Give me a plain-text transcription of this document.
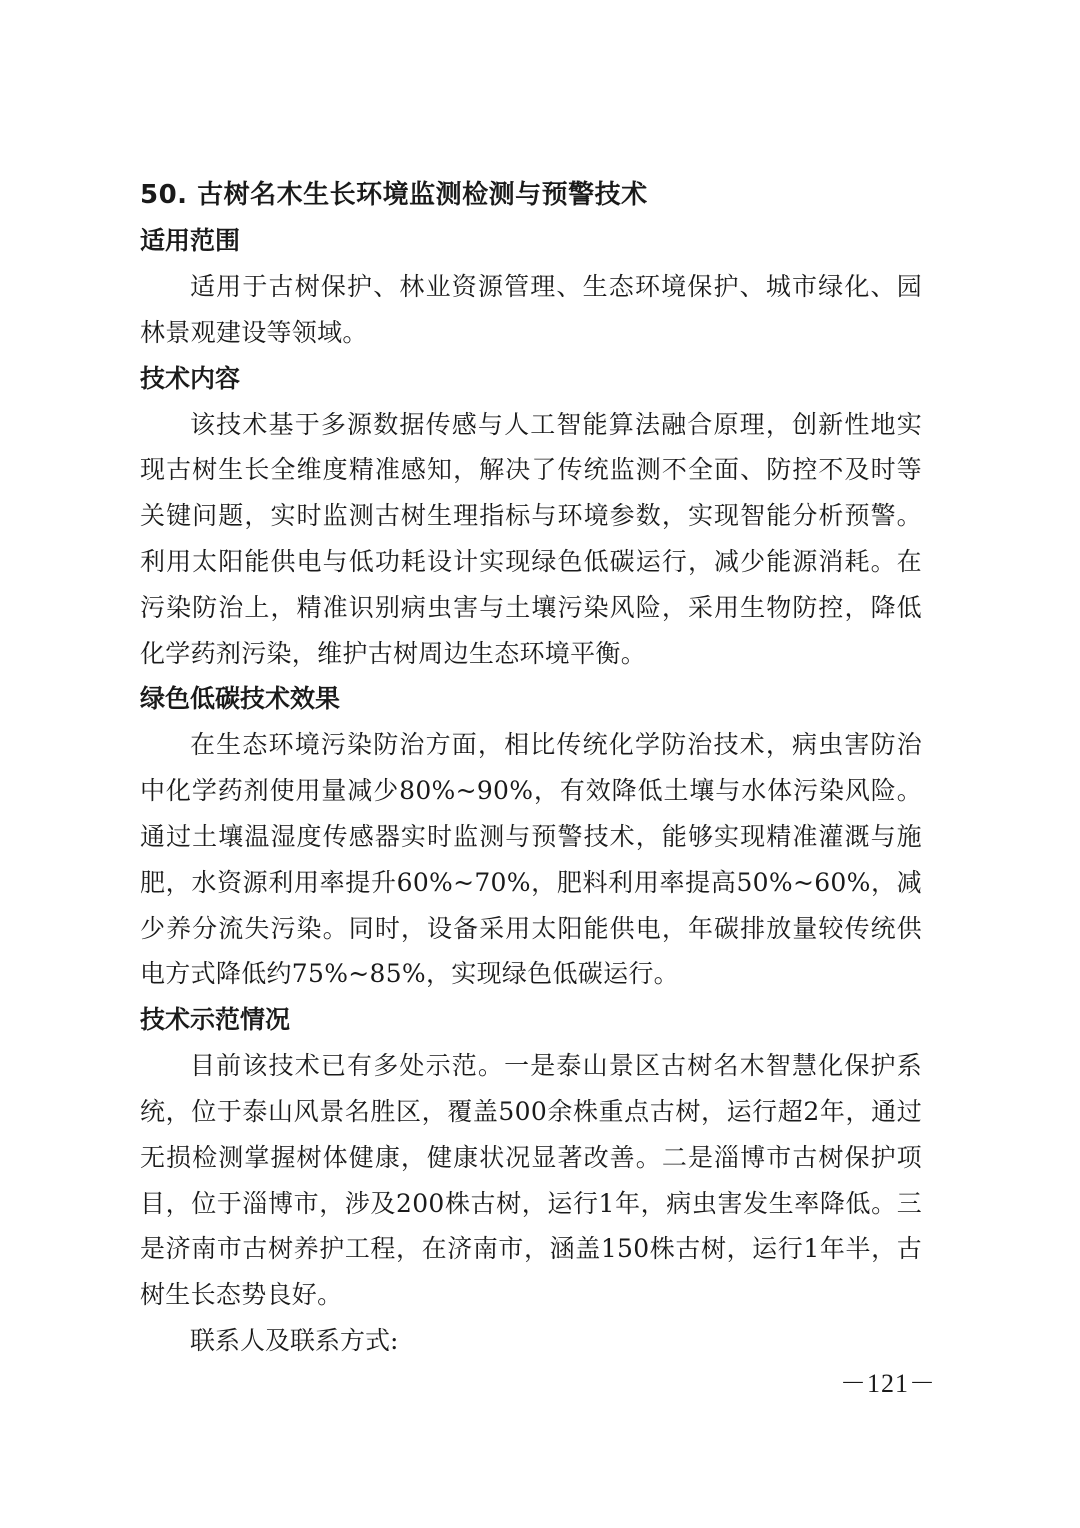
50. 古树名木生长环境监测检测与预警技术
适用范围

适用于古树保护、林业资源管理、生态环境保护、城市绿化、园林景观建设等领域。

技术内容

该技术基于多源数据传感与人工智能算法融合原理，创新性地实现古树生长全维度精准感知，解决了传统监测不全面、防控不及时等关键问题，实时监测古树生理指标与环境参数，实现智能分析预警。利用太阳能供电与低功耗设计实现绿色低碳运行，减少能源消耗。在污染防治上，精准识别病虫害与土壤污染风险，采用生物防控，降低化学药剂污染，维护古树周边生态环境平衡。

绿色低碳技术效果

在生态环境污染防治方面，相比传统化学防治技术，病虫害防治中化学药剂使用量减少80%~90%，有效降低土壤与水体污染风险。通过土壤温湿度传感器实时监测与预警技术，能够实现精准灌溉与施肥，水资源利用率提升60%~70%，肥料利用率提高50%~60%，减少养分流失污染。同时，设备采用太阳能供电，年碳排放量较传统供电方式降低约75%~85%，实现绿色低碳运行。

技术示范情况

目前该技术已有多处示范。一是泰山景区古树名木智慧化保护系统，位于泰山风景名胜区，覆盖500余株重点古树，运行超2年，通过无损检测掌握树体健康，健康状况显著改善。二是淄博市古树保护项目，位于淄博市，涉及200株古树，运行1年，病虫害发生率降低。三是济南市古树养护工程，在济南市，涵盖150株古树，运行1年半，古树生长态势良好。

联系人及联系方式:

－121－
